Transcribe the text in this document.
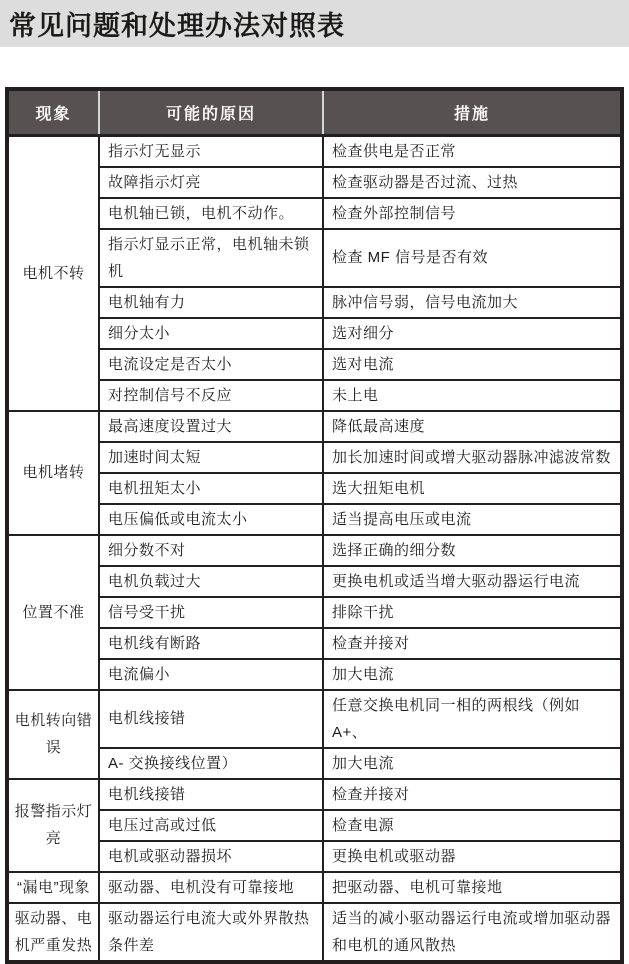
常见问题和处理办法对照表
现象	可能的原因	措施
电机不转	指示灯无显示	检查供电是否正常
	故障指示灯亮	检查驱动器是否过流、过热
	电机轴已锁，电机不动作。	检查外部控制信号
	指示灯显示正常，电机轴未锁机	检查 MF 信号是否有效
	电机轴有力	脉冲信号弱，信号电流加大
	细分太小	选对细分
	电流设定是否太小	选对电流
	对控制信号不反应	未上电
电机堵转	最高速度设置过大	降低最高速度
	加速时间太短	加长加速时间或增大驱动器脉冲滤波常数
	电机扭矩太小	选大扭矩电机
	电压偏低或电流太小	适当提高电压或电流
位置不准	细分数不对	选择正确的细分数
	电机负载过大	更换电机或适当增大驱动器运行电流
	信号受干扰	排除干扰
	电机线有断路	检查并接对
	电流偏小	加大电流
电机转向错误	电机线接错	任意交换电机同一相的两根线（例如 A+、
	A- 交换接线位置）	加大电流
报警指示灯亮	电机线接错	检查并接对
	电压过高或过低	检查电源
	电机或驱动器损坏	更换电机或驱动器
“漏电”现象	驱动器、电机没有可靠接地	把驱动器、电机可靠接地
驱动器、电机严重发热	驱动器运行电流大或外界散热条件差	适当的减小驱动器运行电流或增加驱动器和电机的通风散热
